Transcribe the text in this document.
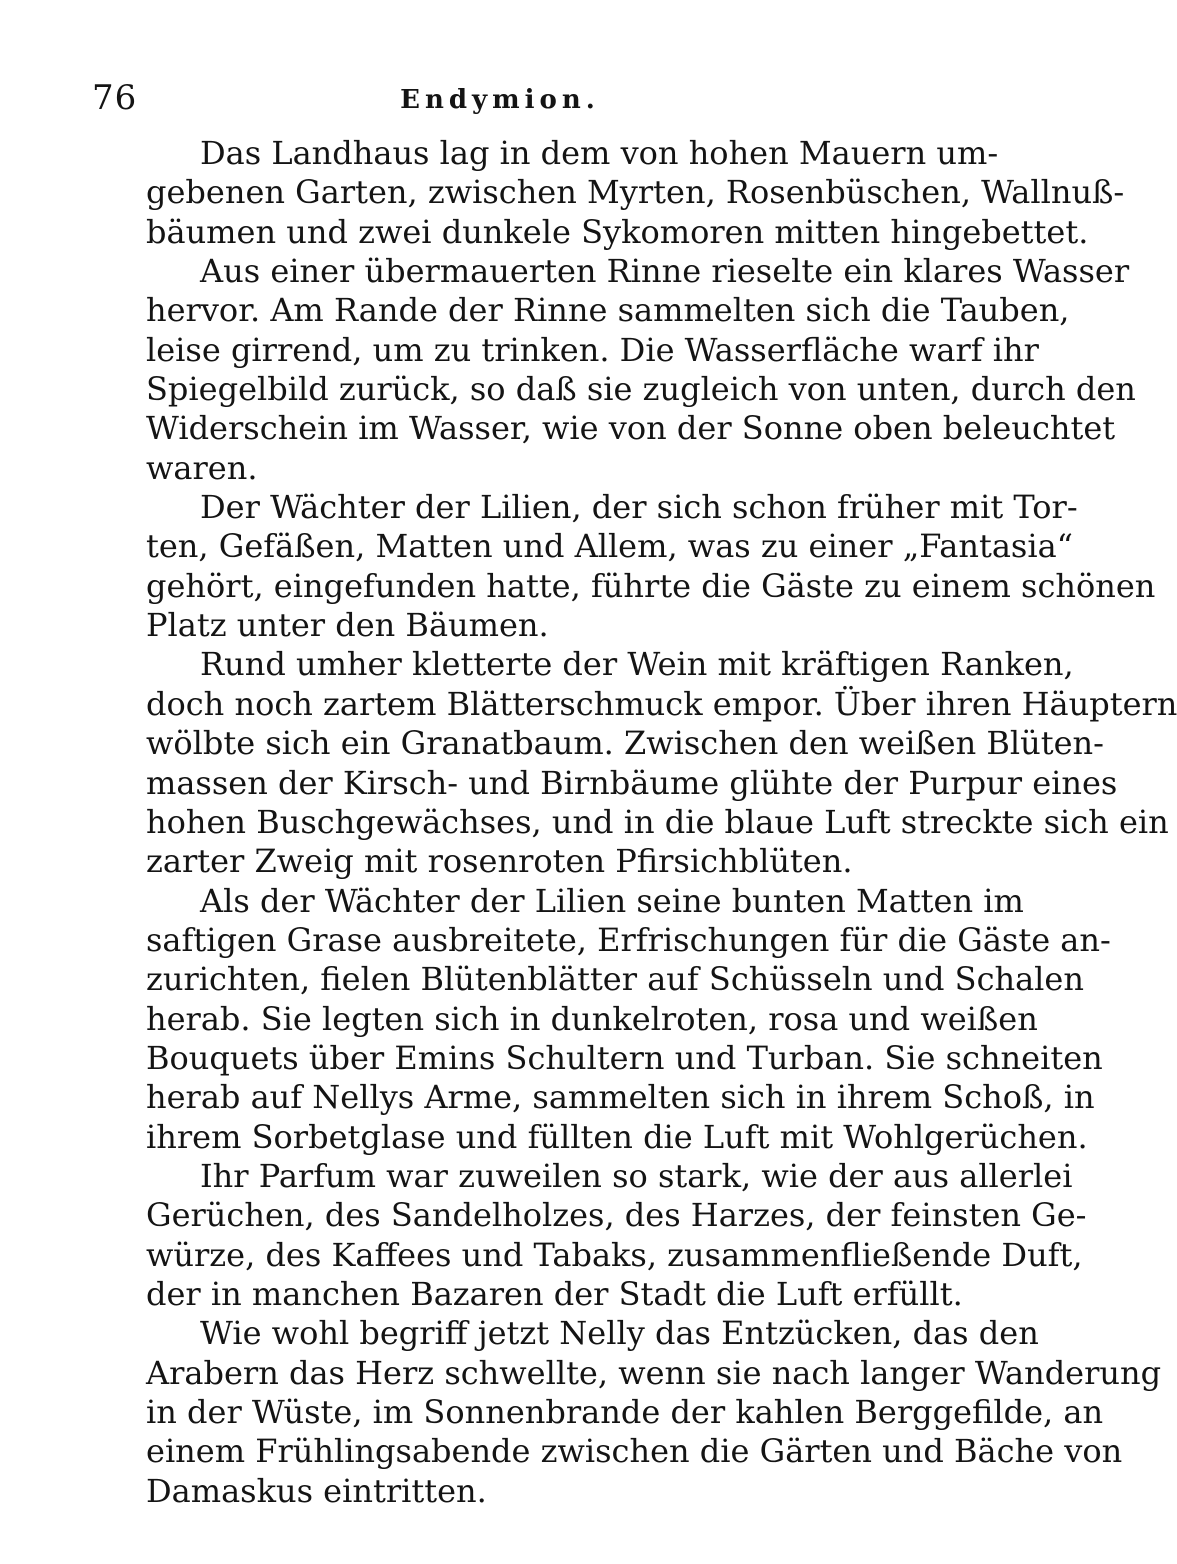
76	Endymion.
Das Landhaus lag in dem von hohen Mauern um-
gebenen Garten, zwischen Myrten, Rosenbüschen, Wallnuß-
bäumen und zwei dunkele Sykomoren mitten hingebettet.
Aus einer übermauerten Rinne rieselte ein klares Wasser
hervor. Am Rande der Rinne sammelten sich die Tauben,
leise girrend, um zu trinken. Die Wasserfläche warf ihr
Spiegelbild zurück, so daß sie zugleich von unten, durch den
Widerschein im Wasser, wie von der Sonne oben beleuchtet
waren.
Der Wächter der Lilien, der sich schon früher mit Tor-
ten, Gefäßen, Matten und Allem, was zu einer „Fantasia“
gehört, eingefunden hatte, führte die Gäste zu einem schönen
Platz unter den Bäumen.
Rund umher kletterte der Wein mit kräftigen Ranken,
doch noch zartem Blätterschmuck empor. Über ihren Häuptern
wölbte sich ein Granatbaum. Zwischen den weißen Blüten-
massen der Kirsch- und Birnbäume glühte der Purpur eines
hohen Buschgewächses, und in die blaue Luft streckte sich ein
zarter Zweig mit rosenroten Pfirsichblüten.
Als der Wächter der Lilien seine bunten Matten im
saftigen Grase ausbreitete, Erfrischungen für die Gäste an-
zurichten, fielen Blütenblätter auf Schüsseln und Schalen
herab. Sie legten sich in dunkelroten, rosa und weißen
Bouquets über Emins Schultern und Turban. Sie schneiten
herab auf Nellys Arme, sammelten sich in ihrem Schoß, in
ihrem Sorbetglase und füllten die Luft mit Wohlgerüchen.
Ihr Parfum war zuweilen so stark, wie der aus allerlei
Gerüchen, des Sandelholzes, des Harzes, der feinsten Ge-
würze, des Kaffees und Tabaks, zusammenfließende Duft,
der in manchen Bazaren der Stadt die Luft erfüllt.
Wie wohl begriff jetzt Nelly das Entzücken, das den
Arabern das Herz schwellte, wenn sie nach langer Wanderung
in der Wüste, im Sonnenbrande der kahlen Berggefilde, an
einem Frühlingsabende zwischen die Gärten und Bäche von
Damaskus eintritten.
